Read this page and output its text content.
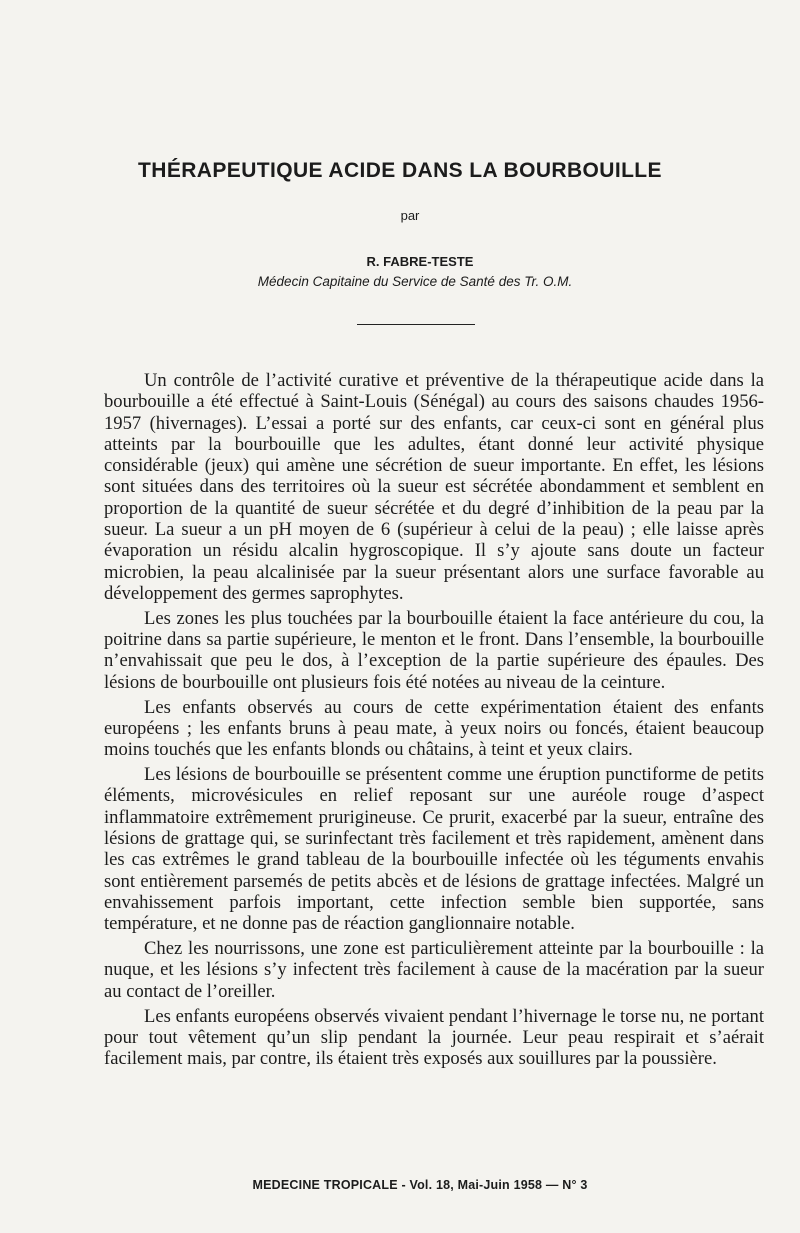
THÉRAPEUTIQUE ACIDE DANS LA BOURBOUILLE
par
R. FABRE-TESTE
Médecin Capitaine du Service de Santé des Tr. O.M.

Un contrôle de l’activité curative et préventive de la thérapeutique acide dans la bourbouille a été effectué à Saint-Louis (Sénégal) au cours des saisons chaudes 1956-1957 (hivernages). L’essai a porté sur des enfants, car ceux-ci sont en général plus atteints par la bourbouille que les adultes, étant donné leur activité physique considérable (jeux) qui amène une sécrétion de sueur importante. En effet, les lésions sont situées dans des territoires où la sueur est sécrétée abondamment et semblent en proportion de la quantité de sueur sécrétée et du degré d’inhibition de la peau par la sueur. La sueur a un pH moyen de 6 (supérieur à celui de la peau) ; elle laisse après évaporation un résidu alcalin hygroscopique. Il s’y ajoute sans doute un facteur microbien, la peau alcalinisée par la sueur présentant alors une surface favorable au développement des germes saprophytes.

Les zones les plus touchées par la bourbouille étaient la face antérieure du cou, la poitrine dans sa partie supérieure, le menton et le front. Dans l’ensemble, la bourbouille n’envahissait que peu le dos, à l’exception de la partie supérieure des épaules. Des lésions de bourbouille ont plusieurs fois été notées au niveau de la ceinture.

Les enfants observés au cours de cette expérimentation étaient des enfants européens ; les enfants bruns à peau mate, à yeux noirs ou foncés, étaient beaucoup moins touchés que les enfants blonds ou châtains, à teint et yeux clairs.

Les lésions de bourbouille se présentent comme une éruption punctiforme de petits éléments, microvésicules en relief reposant sur une auréole rouge d’aspect inflammatoire extrêmement prurigineuse. Ce prurit, exacerbé par la sueur, entraîne des lésions de grattage qui, se surinfectant très facilement et très rapidement, amènent dans les cas extrêmes le grand tableau de la bourbouille infectée où les téguments envahis sont entièrement parsemés de petits abcès et de lésions de grattage infectées. Malgré un envahissement parfois important, cette infection semble bien supportée, sans température, et ne donne pas de réaction ganglionnaire notable.

Chez les nourrissons, une zone est particulièrement atteinte par la bourbouille : la nuque, et les lésions s’y infectent très facilement à cause de la macération par la sueur au contact de l’oreiller.

Les enfants européens observés vivaient pendant l’hivernage le torse nu, ne portant pour tout vêtement qu’un slip pendant la journée. Leur peau respirait et s’aérait facilement mais, par contre, ils étaient très exposés aux souillures par la poussière.

MEDECINE TROPICALE - Vol. 18, Mai-Juin 1958 — N° 3
